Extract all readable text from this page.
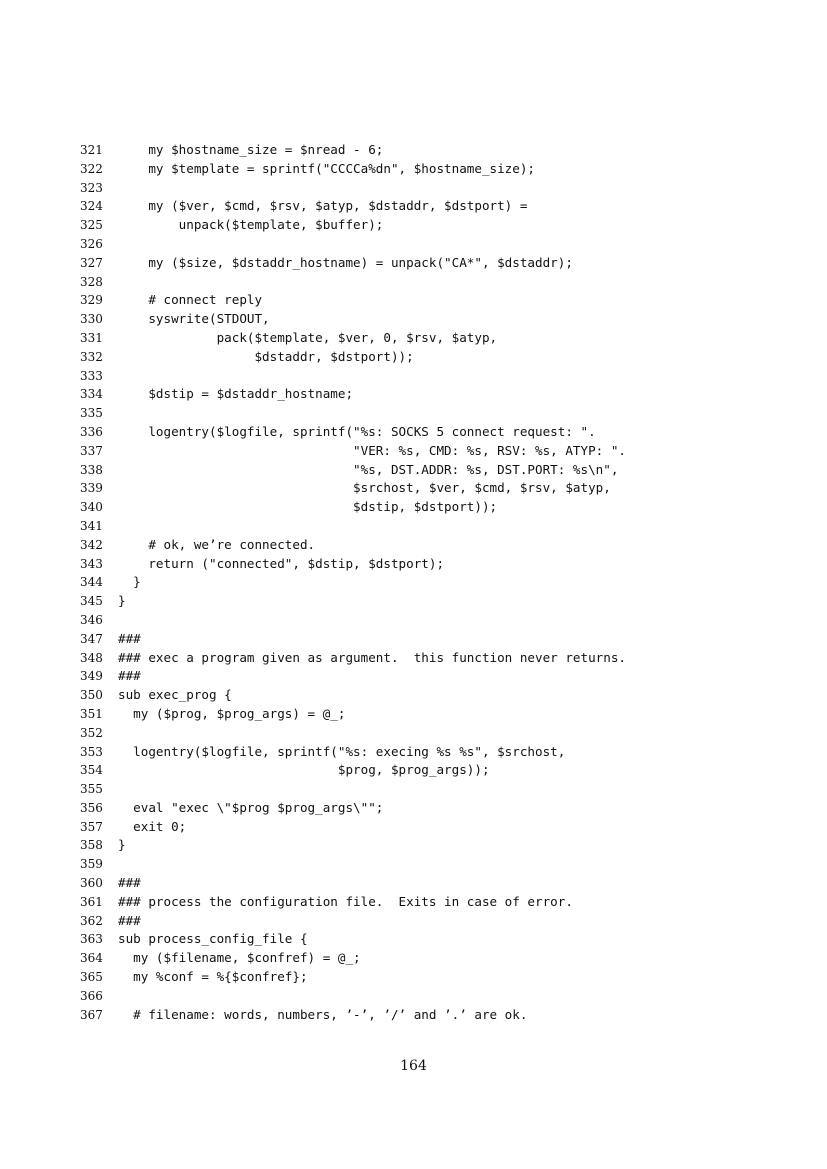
321 my $hostname_size = $nread - 6;
322 my $template = sprintf("CCCCa%dn", $hostname_size);
323
324 my ($ver, $cmd, $rsv, $atyp, $dstaddr, $dstport) =
325 unpack($template, $buffer);
326
327 my ($size, $dstaddr_hostname) = unpack("CA*", $dstaddr);
328
329 # connect reply
330 syswrite(STDOUT,
331 pack($template, $ver, 0, $rsv, $atyp,
332 $dstaddr, $dstport));
333
334 $dstip = $dstaddr_hostname;
335
336 logentry($logfile, sprintf("%s: SOCKS 5 connect request: ".
337 "VER: %s, CMD: %s, RSV: %s, ATYP: ".
338 "%s, DST.ADDR: %s, DST.PORT: %s\n",
339 $srchost, $ver, $cmd, $rsv, $atyp,
340 $dstip, $dstport));
341
342 # ok, we’re connected.
343 return ("connected", $dstip, $dstport);
344 }
345 }
346
347 ###
348 ### exec a program given as argument.  this function never returns.
349 ###
350 sub exec_prog {
351 my ($prog, $prog_args) = @_;
352
353 logentry($logfile, sprintf("%s: execing %s %s", $srchost,
354 $prog, $prog_args));
355
356 eval "exec \"$prog $prog_args\"";
357 exit 0;
358 }
359
360 ###
361 ### process the configuration file.  Exits in case of error.
362 ###
363 sub process_config_file {
364 my ($filename, $confref) = @_;
365 my %conf = %{$confref};
366
367 # filename: words, numbers, ’-’, ’/’ and ’.’ are ok.
164
